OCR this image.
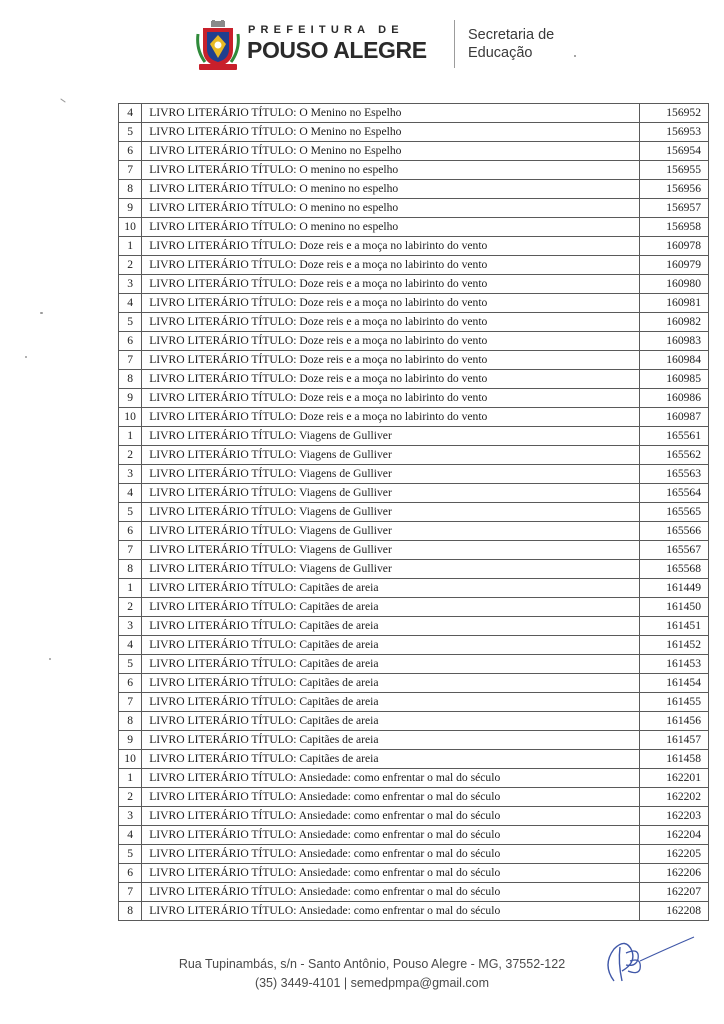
PREFEITURA DE
POUSO ALEGRE
Secretaria de
Educação
4	LIVRO LITERÁRIO TÍTULO: O Menino no Espelho	156952
5	LIVRO LITERÁRIO TÍTULO: O Menino no Espelho	156953
6	LIVRO LITERÁRIO TÍTULO: O Menino no Espelho	156954
7	LIVRO LITERÁRIO TÍTULO: O menino no espelho	156955
8	LIVRO LITERÁRIO TÍTULO: O menino no espelho	156956
9	LIVRO LITERÁRIO TÍTULO: O menino no espelho	156957
10	LIVRO LITERÁRIO TÍTULO: O menino no espelho	156958
1	LIVRO LITERÁRIO TÍTULO: Doze reis e a moça no labirinto do vento	160978
2	LIVRO LITERÁRIO TÍTULO: Doze reis e a moça no labirinto do vento	160979
3	LIVRO LITERÁRIO TÍTULO: Doze reis e a moça no labirinto do vento	160980
4	LIVRO LITERÁRIO TÍTULO: Doze reis e a moça no labirinto do vento	160981
5	LIVRO LITERÁRIO TÍTULO: Doze reis e a moça no labirinto do vento	160982
6	LIVRO LITERÁRIO TÍTULO: Doze reis e a moça no labirinto do vento	160983
7	LIVRO LITERÁRIO TÍTULO: Doze reis e a moça no labirinto do vento	160984
8	LIVRO LITERÁRIO TÍTULO: Doze reis e a moça no labirinto do vento	160985
9	LIVRO LITERÁRIO TÍTULO: Doze reis e a moça no labirinto do vento	160986
10	LIVRO LITERÁRIO TÍTULO: Doze reis e a moça no labirinto do vento	160987
1	LIVRO LITERÁRIO TÍTULO: Viagens de Gulliver	165561
2	LIVRO LITERÁRIO TÍTULO: Viagens de Gulliver	165562
3	LIVRO LITERÁRIO TÍTULO: Viagens de Gulliver	165563
4	LIVRO LITERÁRIO TÍTULO: Viagens de Gulliver	165564
5	LIVRO LITERÁRIO TÍTULO: Viagens de Gulliver	165565
6	LIVRO LITERÁRIO TÍTULO: Viagens de Gulliver	165566
7	LIVRO LITERÁRIO TÍTULO: Viagens de Gulliver	165567
8	LIVRO LITERÁRIO TÍTULO: Viagens de Gulliver	165568
1	LIVRO LITERÁRIO TÍTULO: Capitães de areia	161449
2	LIVRO LITERÁRIO TÍTULO: Capitães de areia	161450
3	LIVRO LITERÁRIO TÍTULO: Capitães de areia	161451
4	LIVRO LITERÁRIO TÍTULO: Capitães de areia	161452
5	LIVRO LITERÁRIO TÍTULO: Capitães de areia	161453
6	LIVRO LITERÁRIO TÍTULO: Capitães de areia	161454
7	LIVRO LITERÁRIO TÍTULO: Capitães de areia	161455
8	LIVRO LITERÁRIO TÍTULO: Capitães de areia	161456
9	LIVRO LITERÁRIO TÍTULO: Capitães de areia	161457
10	LIVRO LITERÁRIO TÍTULO: Capitães de areia	161458
1	LIVRO LITERÁRIO TÍTULO: Ansiedade: como enfrentar o mal do século	162201
2	LIVRO LITERÁRIO TÍTULO: Ansiedade: como enfrentar o mal do século	162202
3	LIVRO LITERÁRIO TÍTULO: Ansiedade: como enfrentar o mal do século	162203
4	LIVRO LITERÁRIO TÍTULO: Ansiedade: como enfrentar o mal do século	162204
5	LIVRO LITERÁRIO TÍTULO: Ansiedade: como enfrentar o mal do século	162205
6	LIVRO LITERÁRIO TÍTULO: Ansiedade: como enfrentar o mal do século	162206
7	LIVRO LITERÁRIO TÍTULO: Ansiedade: como enfrentar o mal do século	162207
8	LIVRO LITERÁRIO TÍTULO: Ansiedade: como enfrentar o mal do século	162208
Rua Tupinambás, s/n - Santo Antônio, Pouso Alegre - MG, 37552-122
(35) 3449-4101 | semedpmpa@gmail.com
